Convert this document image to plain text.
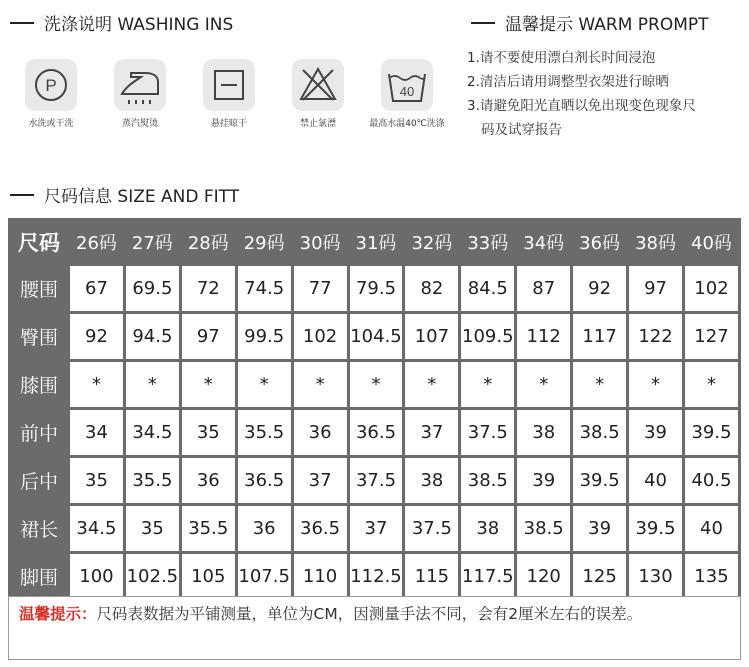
洗涤说明 WASHING INS
P
水洗或干洗	蒸汽熨烫	悬挂晾干	禁止氯漂
40
最高水温40℃洗涤
温馨提示 WARM PROMPT
1.请不要使用漂白剂长时间浸泡
2.清洁后请用调整型衣架进行晾晒
3.请避免阳光直晒以免出现变色现象尺
码及试穿报告
尺码信息 SIZE AND FITT
尺码	26码	27码	28码	29码	30码	31码	32码	33码	34码	36码	38码	40码
腰围	67	69.5	72	74.5	77	79.5	82	84.5	87	92	97	102
臀围	92	94.5	97	99.5	102	104.5	107	109.5	112	117	122	127
膝围	*	*	*	*	*	*	*	*	*	*	*	*
前中	34	34.5	35	35.5	36	36.5	37	37.5	38	38.5	39	39.5
后中	35	35.5	36	36.5	37	37.5	38	38.5	39	39.5	40	40.5
裙长	34.5	35	35.5	36	36.5	37	37.5	38	38.5	39	39.5	40
脚围	100	102.5	105	107.5	110	112.5	115	117.5	120	125	130	135
温馨提示：尺码表数据为平铺测量，单位为CM，因测量手法不同，会有2厘米左右的误差。
